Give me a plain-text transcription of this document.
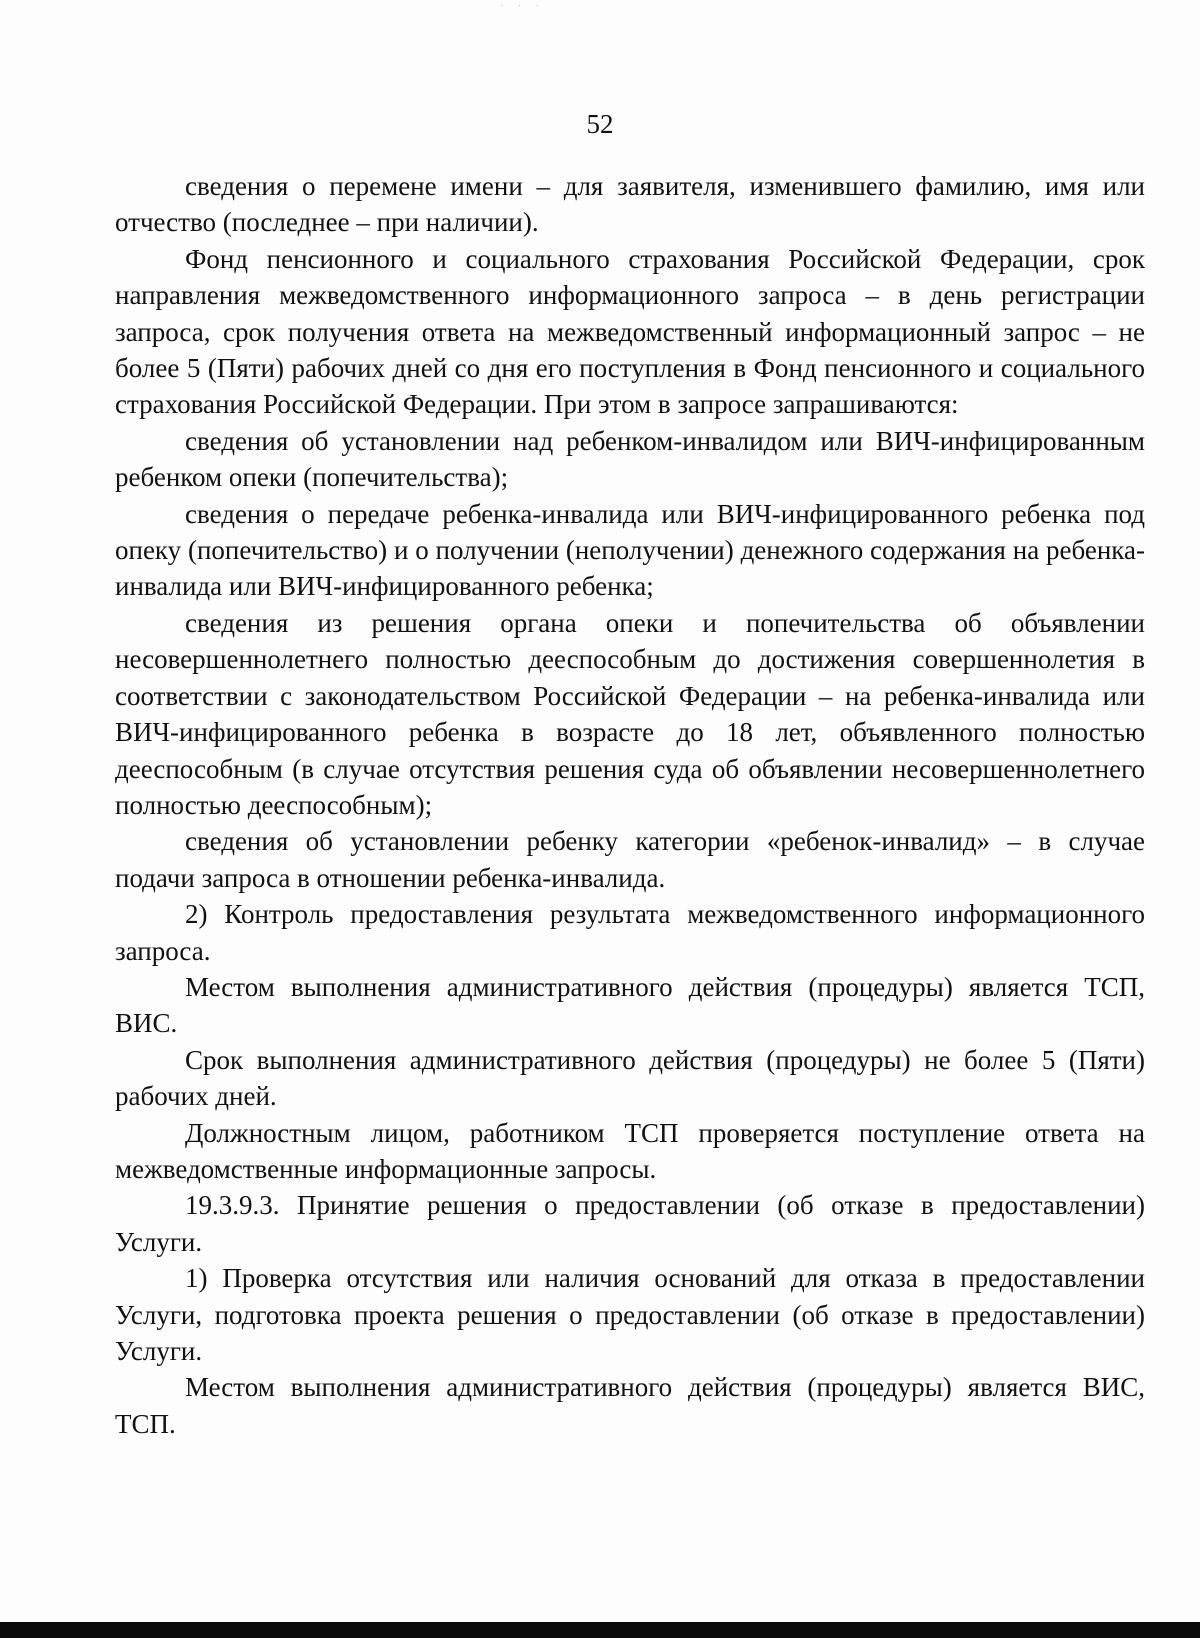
· · ·
52

сведения о перемене имени – для заявителя, изменившего фамилию, имя или отчество (последнее – при наличии).

Фонд пенсионного и социального страхования Российской Федерации, срок направления межведомственного информационного запроса – в день регистрации запроса, срок получения ответа на межведомственный информационный запрос – не более 5 (Пяти) рабочих дней со дня его поступления в Фонд пенсионного и социального страхования Российской Федерации. При этом в запросе запрашиваются:

сведения об установлении над ребенком-инвалидом или ВИЧ-инфицированным ребенком опеки (попечительства);

сведения о передаче ребенка-инвалида или ВИЧ-инфицированного ребенка под опеку (попечительство) и о получении (неполучении) денежного содержания на ребенка-инвалида или ВИЧ-инфицированного ребенка;

сведения из решения органа опеки и попечительства об объявлении несовершеннолетнего полностью дееспособным до достижения совершеннолетия в соответствии с законодательством Российской Федерации – на ребенка-инвалида или ВИЧ-инфицированного ребенка в возрасте до 18 лет, объявленного полностью дееспособным (в случае отсутствия решения суда об объявлении несовершеннолетнего полностью дееспособным);

сведения об установлении ребенку категории «ребенок-инвалид» – в случае подачи запроса в отношении ребенка-инвалида.

2) Контроль предоставления результата межведомственного информационного запроса.

Местом выполнения административного действия (процедуры) является ТСП, ВИС.

Срок выполнения административного действия (процедуры) не более 5 (Пяти) рабочих дней.

Должностным лицом, работником ТСП проверяется поступление ответа на межведомственные информационные запросы.

19.3.9.3. Принятие решения о предоставлении (об отказе в предоставлении) Услуги.

1) Проверка отсутствия или наличия оснований для отказа в предоставлении Услуги, подготовка проекта решения о предоставлении (об отказе в предоставлении) Услуги.

Местом выполнения административного действия (процедуры) является ВИС, ТСП.
